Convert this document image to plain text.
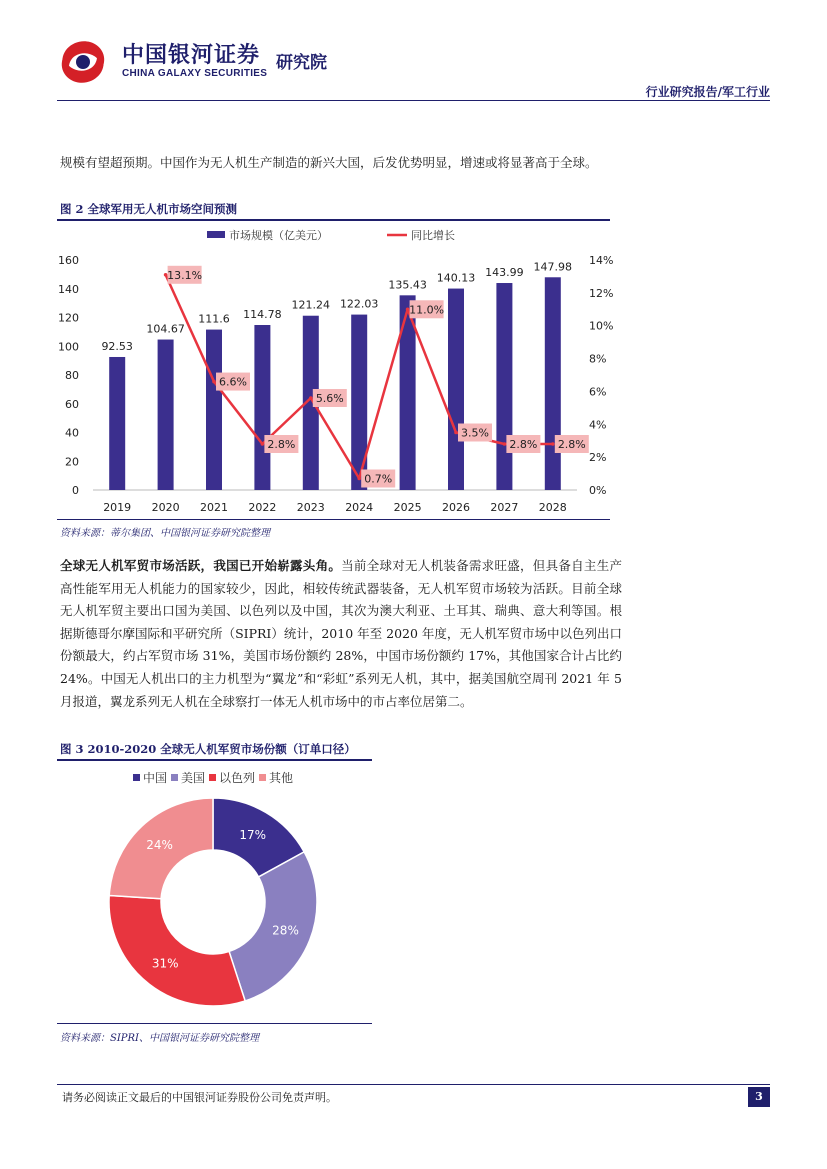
中国银河证券
CHINA GALAXY SECURITIES
研究院
行业研究报告/军工行业
规模有望超预期。中国作为无人机生产制造的新兴大国，后发优势明显，增速或将显著高于全球。
图 2 全球军用无人机市场空间预测
市场规模（亿美元）	同比增长
0
20
40
60
80
100
120
140
160
0%
2%
4%
6%
8%
10%
12%
14%
2019 2020 2021 2022 2023 2024 2025 2026 2027 2028
92.53
104.67
111.6 114.78
121.24 122.03
135.43
140.13 143.99 147.98
13.1%
6.6%
2.8%
5.6%
0.7%
11.0%
3.5%
2.8% 2.8%
资料来源：蒂尔集团、中国银河证券研究院整理
全球无人机军贸市场活跃，我国已开始崭露头角。当前全球对无人机装备需求旺盛，但具备自主生产高性能军用无人机能力的国家较少，因此，相较传统武器装备，无人机军贸市场较为活跃。目前全球无人机军贸主要出口国为美国、以色列以及中国，其次为澳大利亚、土耳其、瑞典、意大利等国。根据斯德哥尔摩国际和平研究所（SIPRI）统计，2010 年至 2020 年度，无人机军贸市场中以色列出口份额最大，约占军贸市场 31%，美国市场份额约 28%，中国市场份额约 17%，其他国家合计占比约 24%。中国无人机出口的主力机型为“翼龙”和“彩虹”系列无人机，其中，据美国航空周刊 2021 年 5 月报道，翼龙系列无人机在全球察打一体无人机市场中的市占率位居第二。
图 3 2010-2020 全球无人机军贸市场份额（订单口径）
中国 美国 以色列 其他
17%
28%
31%
24%
资料来源：SIPRI、中国银河证券研究院整理
请务必阅读正文最后的中国银河证券股份公司免责声明。	3
